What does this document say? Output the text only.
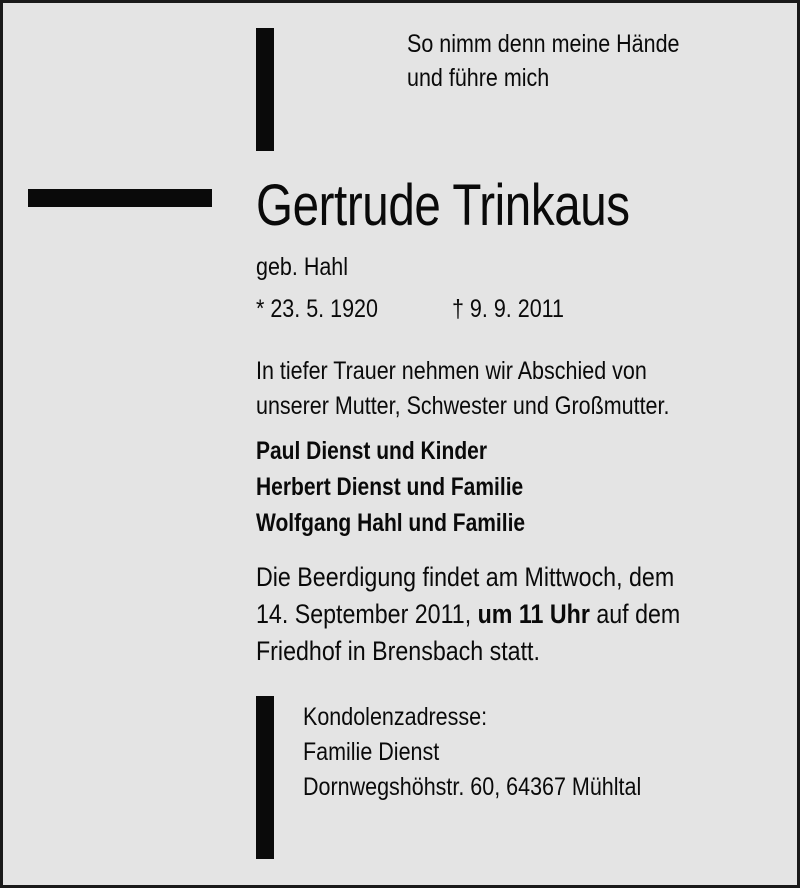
So nimm denn meine Hände
und führe mich
Gertrude Trinkaus
geb. Hahl
* 23. 5. 1920	† 9. 9. 2011
In tiefer Trauer nehmen wir Abschied von
unserer Mutter, Schwester und Großmutter.
Paul Dienst und Kinder
Herbert Dienst und Familie
Wolfgang Hahl und Familie
Die Beerdigung findet am Mittwoch, dem
14. September 2011, um 11 Uhr auf dem
Friedhof in Brensbach statt.
Kondolenzadresse:
Familie Dienst
Dornwegshöhstr. 60, 64367 Mühltal
